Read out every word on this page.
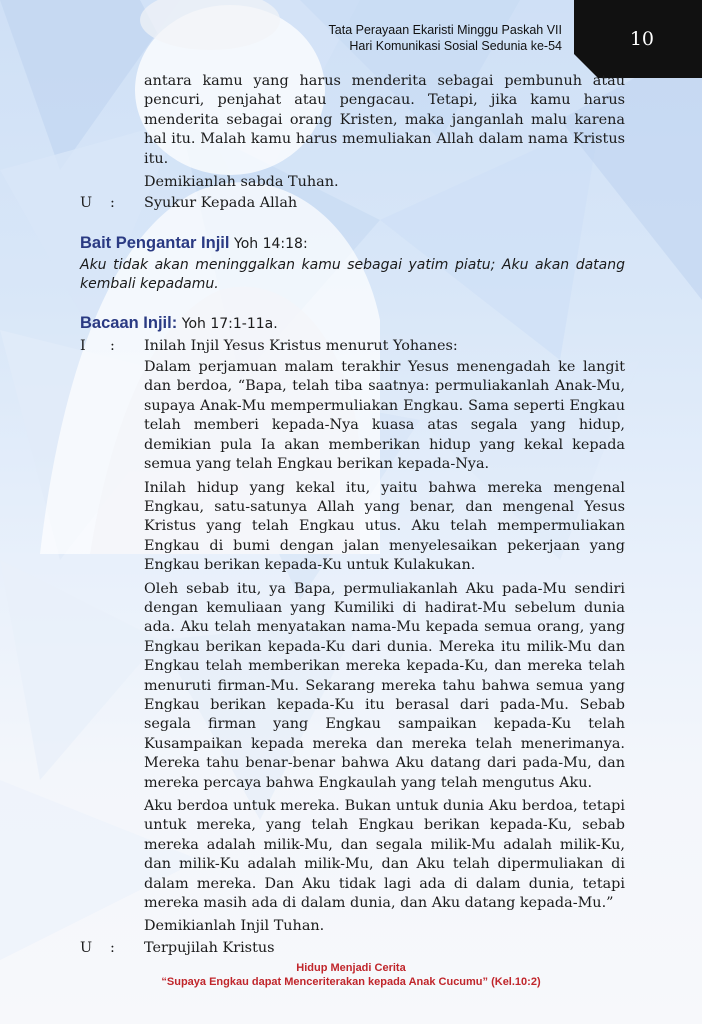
Tata Perayaan Ekaristi Minggu Paskah VII
Hari Komunikasi Sosial Sedunia ke-54	10

antara kamu yang harus menderita sebagai pembunuh atau pencuri, penjahat atau pengacau. Tetapi, jika kamu harus menderita sebagai orang Kristen, maka janganlah malu karena hal itu. Malah kamu harus memuliakan Allah dalam nama Kristus itu.

Demikianlah sabda Tuhan.

U	:	Syukur Kepada Allah
Bait Pengantar Injil Yoh 14:18:
Aku tidak akan meninggalkan kamu sebagai yatim piatu; Aku akan datang kembali kepadamu.
Bacaan Injil: Yoh 17:1-11a.
I	:	Inilah Injil Yesus Kristus menurut Yohanes:

Dalam perjamuan malam terakhir Yesus menengadah ke langit dan berdoa, “Bapa, telah tiba saatnya: permuliakanlah Anak-Mu, supaya Anak-Mu mempermuliakan Engkau. Sama seperti Engkau telah memberi kepada-Nya kuasa atas segala yang hidup, demikian pula Ia akan memberikan hidup yang kekal kepada semua yang telah Engkau berikan kepada-Nya.

Inilah hidup yang kekal itu, yaitu bahwa mereka mengenal Engkau, satu-satunya Allah yang benar, dan mengenal Yesus Kristus yang telah Engkau utus. Aku telah mempermuliakan Engkau di bumi dengan jalan menyelesaikan pekerjaan yang Engkau berikan kepada-Ku untuk Kulakukan.

Oleh sebab itu, ya Bapa, permuliakanlah Aku pada-Mu sendiri dengan kemuliaan yang Kumiliki di hadirat-Mu sebelum dunia ada. Aku telah menyatakan nama-Mu kepada semua orang, yang Engkau berikan kepada-Ku dari dunia. Mereka itu milik-Mu dan Engkau telah memberikan mereka kepada-Ku, dan mereka telah menuruti firman-Mu. Sekarang mereka tahu bahwa semua yang Engkau berikan kepada-Ku itu berasal dari pada-Mu. Sebab segala firman yang Engkau sampaikan kepada-Ku telah Kusampaikan kepada mereka dan mereka telah menerimanya. Mereka tahu benar-benar bahwa Aku datang dari pada-Mu, dan mereka percaya bahwa Engkaulah yang telah mengutus Aku.

Aku berdoa untuk mereka. Bukan untuk dunia Aku berdoa, tetapi untuk mereka, yang telah Engkau berikan kepada-Ku, sebab mereka adalah milik-Mu, dan segala milik-Mu adalah milik-Ku, dan milik-Ku adalah milik-Mu, dan Aku telah dipermuliakan di dalam mereka. Dan Aku tidak lagi ada di dalam dunia, tetapi mereka masih ada di dalam dunia, dan Aku datang kepada-Mu.”

Demikianlah Injil Tuhan.

U	:	Terpujilah Kristus
Hidup Menjadi Cerita
“Supaya Engkau dapat Menceriterakan kepada Anak Cucumu” (Kel.10:2)
